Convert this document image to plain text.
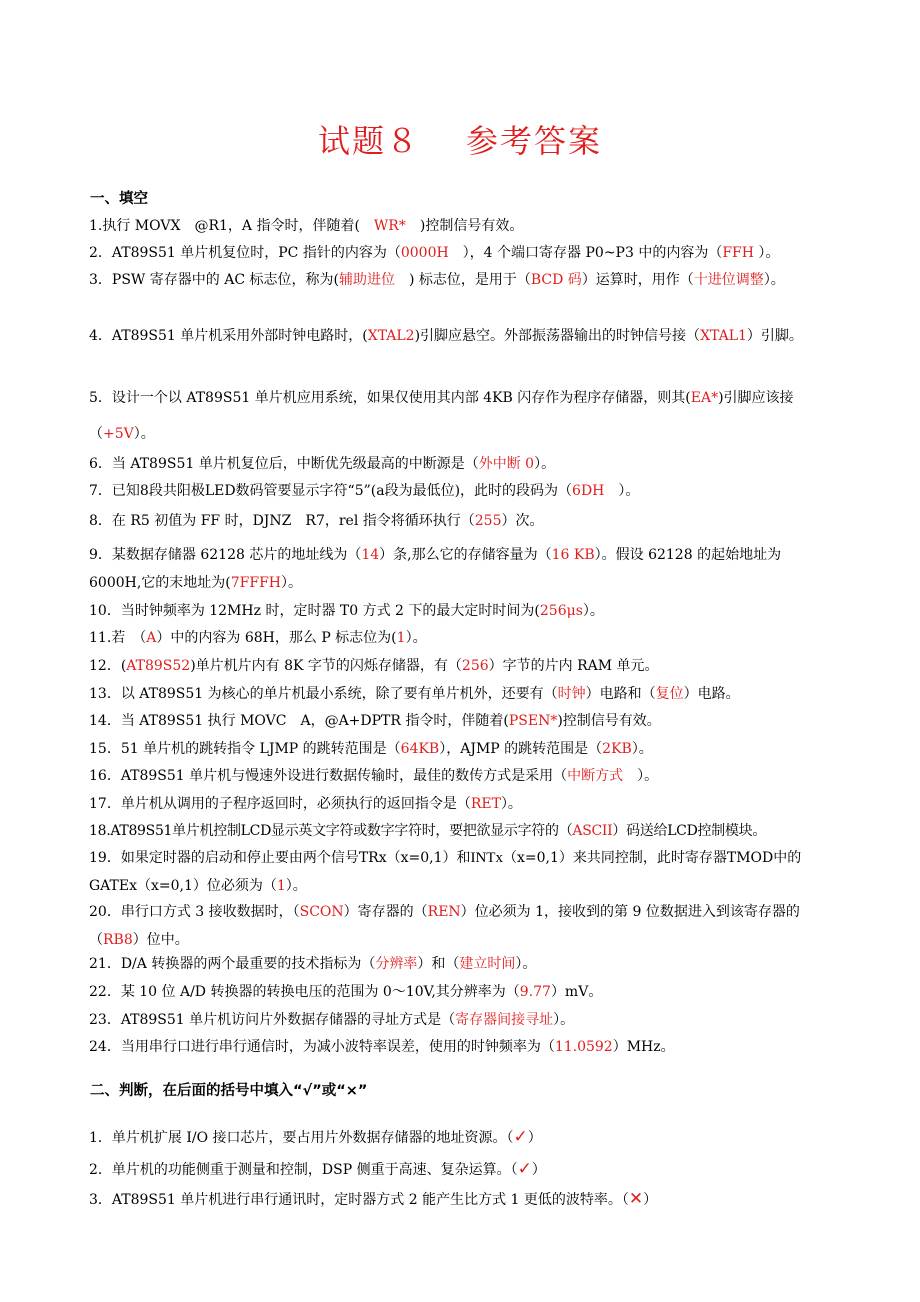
试题８ 参考答案
一、填空
1.执行 MOVX　@R1，A 指令时，伴随着(　WR*　)控制信号有效。
2．AT89S51 单片机复位时，PC 指针的内容为（0000H　），4 个端口寄存器 P0~P3 中的内容为（FFH ）。
3．PSW 寄存器中的 AC 标志位，称为(辅助进位　) 标志位，是用于（BCD 码）运算时，用作（十进位调整）。
4．AT89S51 单片机采用外部时钟电路时，(XTAL2)引脚应悬空。外部振荡器输出的时钟信号接（XTAL1）引脚。
5．设计一个以 AT89S51 单片机应用系统，如果仅使用其内部 4KB 闪存作为程序存储器，则其(EA*)引脚应该接（+5V）。
6．当 AT89S51 单片机复位后，中断优先级最高的中断源是（外中断 0）。
7．已知8段共阳极LED数码管要显示字符“5”(a段为最低位)，此时的段码为（6DH　）。
8．在 R5 初值为 FF 时，DJNZ　R7，rel 指令将循环执行（255）次。
9．某数据存储器 62128 芯片的地址线为（14）条,那么它的存储容量为（16 KB）。假设 62128 的起始地址为 6000H,它的末地址为(7FFFH）。
10．当时钟频率为 12MHz 时，定时器 T0 方式 2 下的最大定时时间为(256μs）。
11.若　（A）中的内容为 68H，那么 P 标志位为(1）。
12．(AT89S52)单片机片内有 8K 字节的闪烁存储器，有（256）字节的片内 RAM 单元。
13．以 AT89S51 为核心的单片机最小系统，除了要有单片机外，还要有（时钟）电路和（复位）电路。
14．当 AT89S51 执行 MOVC　A，@A+DPTR 指令时，伴随着(PSEN*)控制信号有效。
15．51 单片机的跳转指令 LJMP 的跳转范围是（64KB），AJMP 的跳转范围是（2KB）。
16．AT89S51 单片机与慢速外设进行数据传输时，最佳的数传方式是采用（中断方式　）。
17．单片机从调用的子程序返回时，必须执行的返回指令是（RET）。
18.AT89S51单片机控制LCD显示英文字符或数字字符时，要把欲显示字符的（ASCII）码送给LCD控制模块。
19．如果定时器的启动和停止要由两个信号TRx（x=0,1）和INTx（x=0,1）来共同控制，此时寄存器TMOD中的GATEx（x=0,1）位必须为（1）。
20．串行口方式 3 接收数据时，（SCON）寄存器的（REN）位必须为 1，接收到的第 9 位数据进入到该寄存器的（RB8）位中。
21．D/A 转换器的两个最重要的技术指标为（分辨率）和（建立时间）。
22．某 10 位 A/D 转换器的转换电压的范围为 0～10V,其分辨率为（9.77）mV。
23．AT89S51 单片机访问片外数据存储器的寻址方式是（寄存器间接寻址）。
24．当用串行口进行串行通信时，为减小波特率误差，使用的时钟频率为（11.0592）MHz。
二、判断，在后面的括号中填入“√”或“×”
1．单片机扩展 I/O 接口芯片，要占用片外数据存储器的地址资源。（✓）
2．单片机的功能侧重于测量和控制，DSP 侧重于高速、复杂运算。（✓）
3．AT89S51 单片机进行串行通讯时，定时器方式 2 能产生比方式 1 更低的波特率。（✕）
